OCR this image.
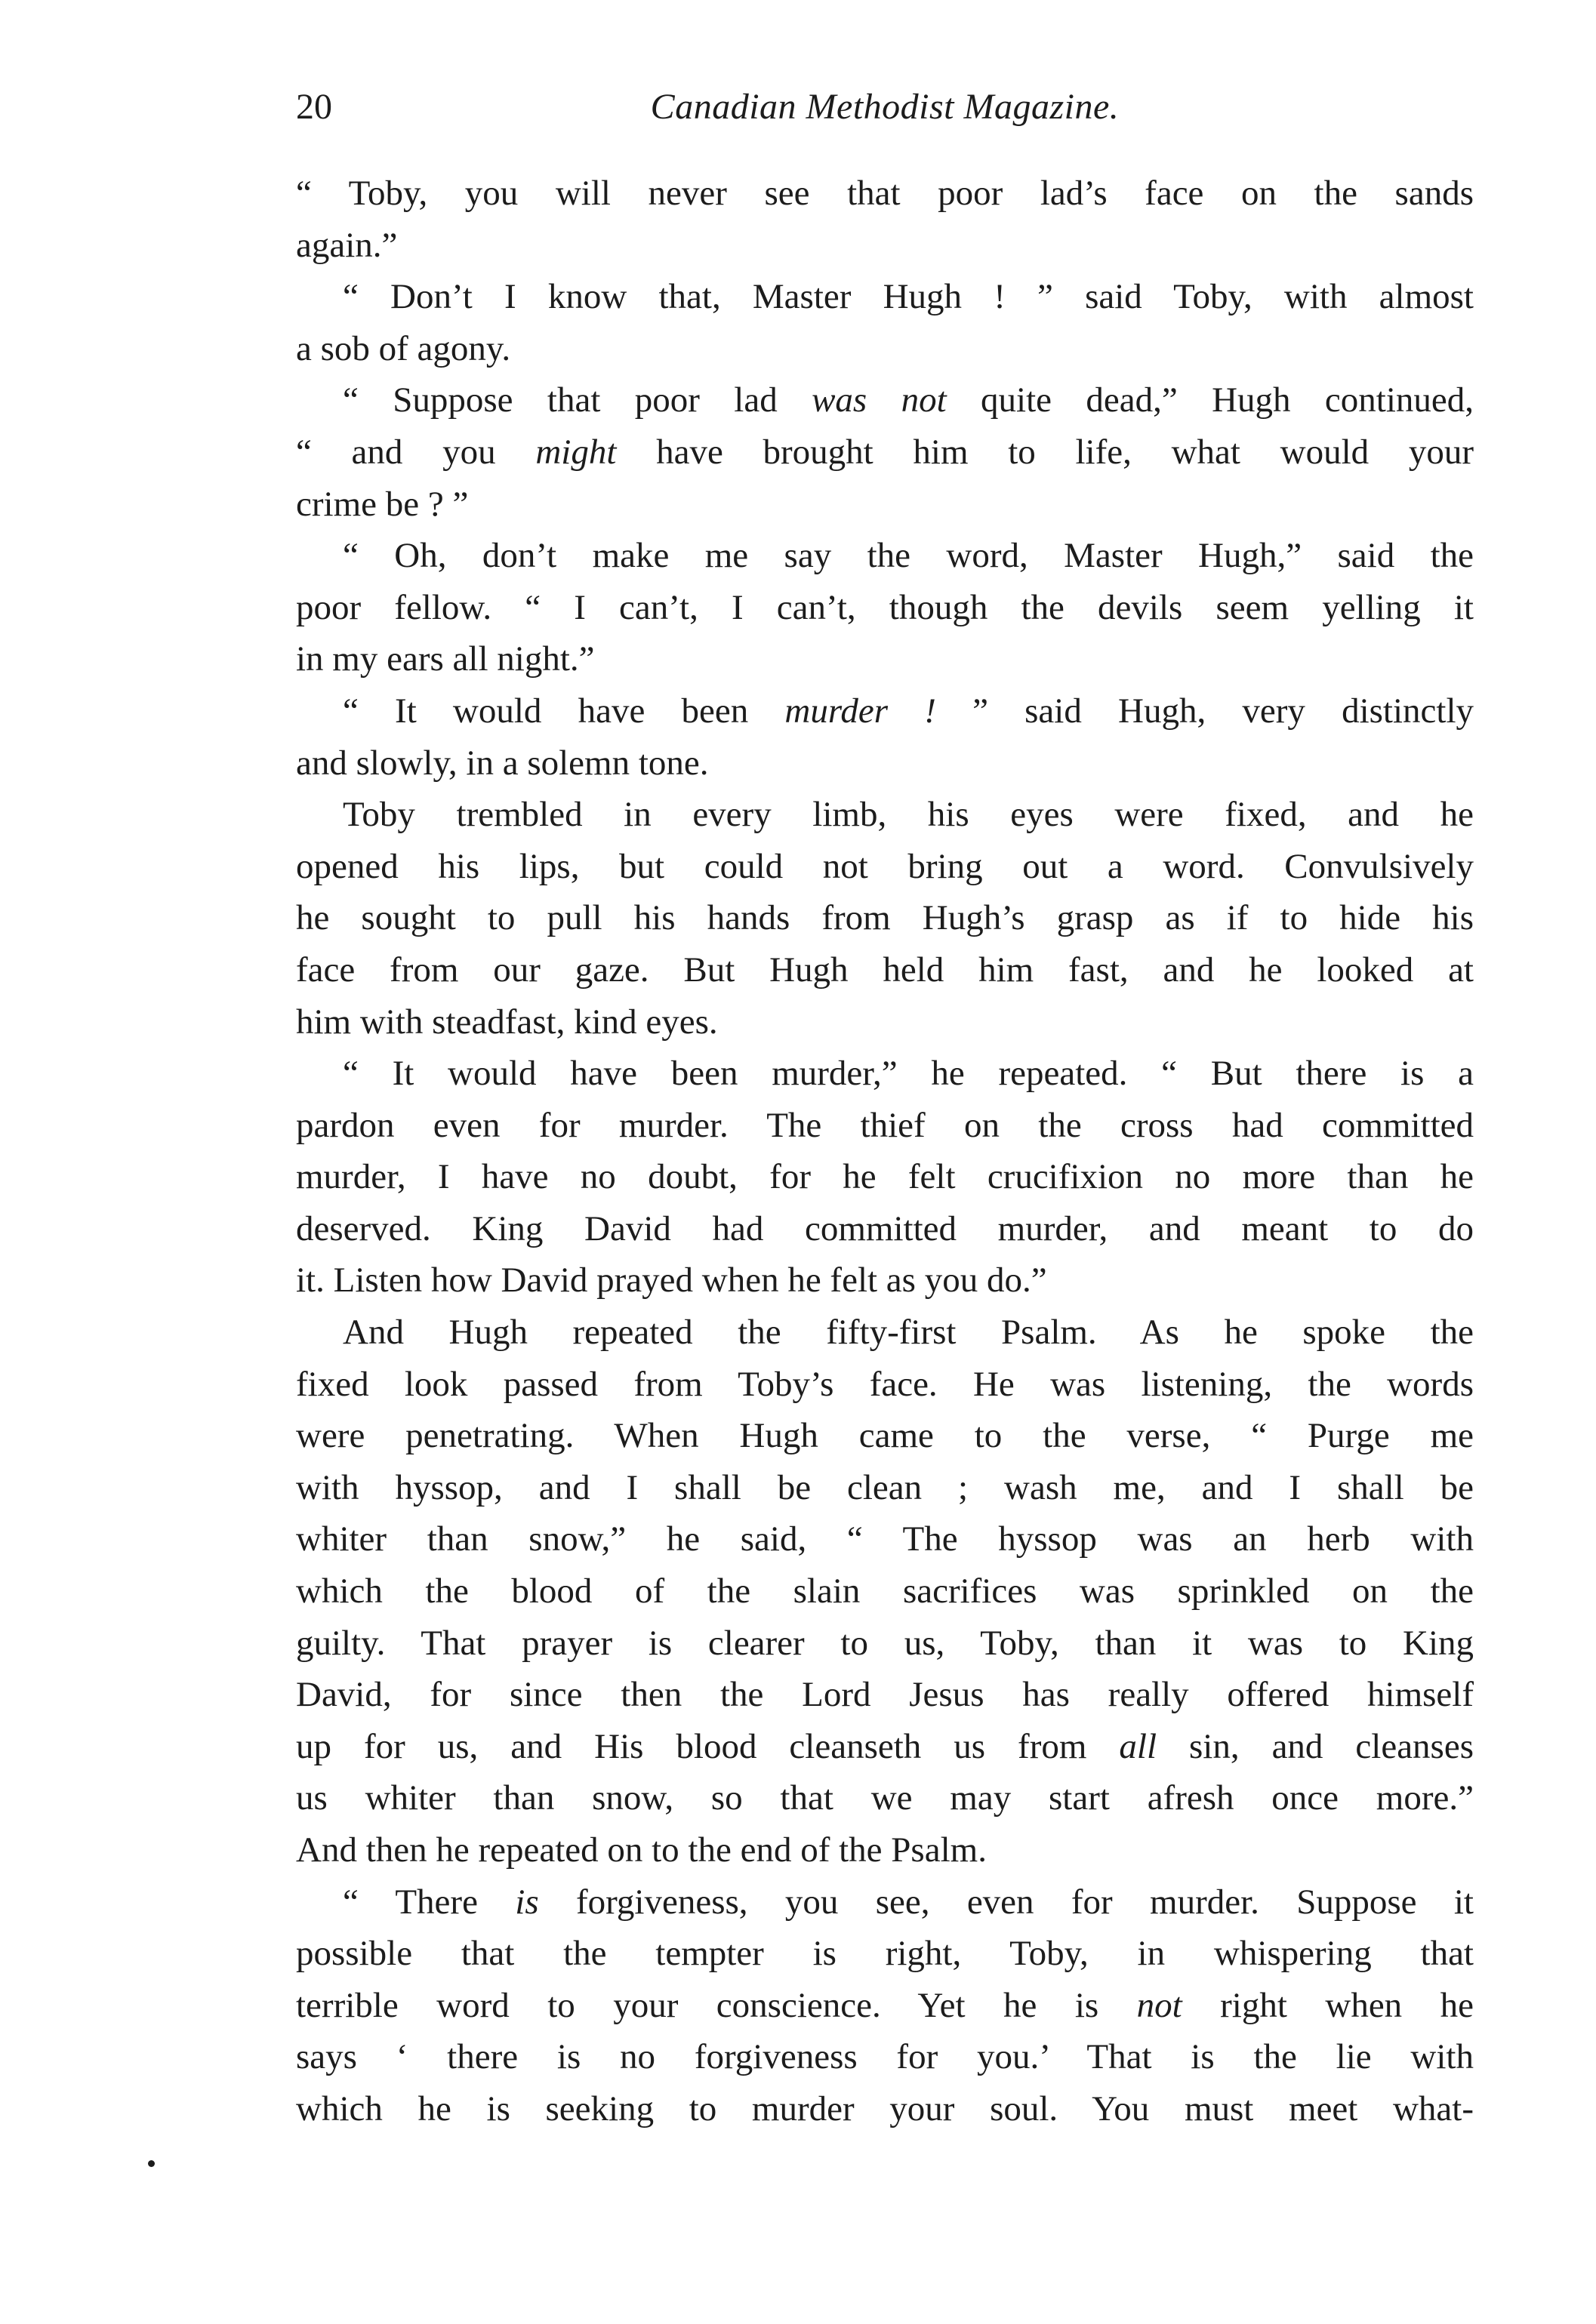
20	Canadian Methodist Magazine.
“ Toby, you will never see that poor lad’s face on the sands
again.”
“ Don’t I know that, Master Hugh ! ” said Toby, with almost
a sob of agony.
“ Suppose that poor lad was not quite dead,” Hugh continued,
“ and you might have brought him to life, what would your
crime be ? ”
“ Oh, don’t make me say the word, Master Hugh,” said the
poor fellow. “ I can’t, I can’t, though the devils seem yelling it
in my ears all night.”
“ It would have been murder ! ” said Hugh, very distinctly
and slowly, in a solemn tone.
Toby trembled in every limb, his eyes were fixed, and he
opened his lips, but could not bring out a word. Convulsively
he sought to pull his hands from Hugh’s grasp as if to hide his
face from our gaze. But Hugh held him fast, and he looked at
him with steadfast, kind eyes.
“ It would have been murder,” he repeated. “ But there is a
pardon even for murder. The thief on the cross had committed
murder, I have no doubt, for he felt crucifixion no more than he
deserved. King David had committed murder, and meant to do
it. Listen how David prayed when he felt as you do.”
And Hugh repeated the fifty-first Psalm. As he spoke the
fixed look passed from Toby’s face. He was listening, the words
were penetrating. When Hugh came to the verse, “ Purge me
with hyssop, and I shall be clean ; wash me, and I shall be
whiter than snow,” he said, “ The hyssop was an herb with
which the blood of the slain sacrifices was sprinkled on the
guilty. That prayer is clearer to us, Toby, than it was to King
David, for since then the Lord Jesus has really offered himself
up for us, and His blood cleanseth us from all sin, and cleanses
us whiter than snow, so that we may start afresh once more.”
And then he repeated on to the end of the Psalm.
“ There is forgiveness, you see, even for murder. Suppose it
possible that the tempter is right, Toby, in whispering that
terrible word to your conscience. Yet he is not right when he
says ‘ there is no forgiveness for you.’ That is the lie with
which he is seeking to murder your soul. You must meet what-
